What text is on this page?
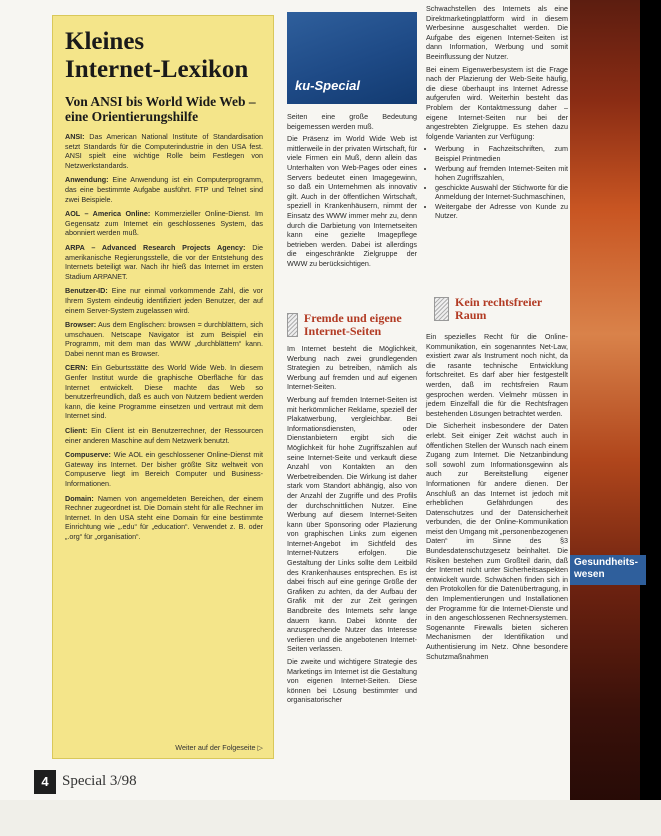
Kleines
Internet-Lexikon
Von ANSI bis World Wide Web – eine Orientierungshilfe

ANSI: Das American National Institute of Standardisation setzt Standards für die Computerindustrie in den USA fest. ANSI spielt eine wichtige Rolle beim Festlegen von Netzwerkstandards.

Anwendung: Eine Anwendung ist ein Computerprogramm, das eine bestimmte Aufgabe ausführt. FTP und Telnet sind zwei Beispiele.

AOL – America Online: Kommerzieller Online-Dienst. Im Gegensatz zum Internet ein geschlossenes System, das abonniert werden muß.

ARPA – Advanced Research Projects Agency: Die amerikanische Regierungsstelle, die vor der Entstehung des Internets beteiligt war. Nach ihr hieß das Internet im ersten Stadium ARPANET.

Benutzer-ID: Eine nur einmal vorkommende Zahl, die vor Ihrem System eindeutig identifiziert jeden Benutzer, der auf einem Server-System zugelassen wird.

Browser: Aus dem Englischen: browsen = durchblättern, sich umschauen. Netscape Navigator ist zum Beispiel ein Programm, mit dem man das WWW „durchblättern“ kann. Dabei nennt man es Browser.

CERN: Ein Geburtsstätte des World Wide Web. In diesem Genfer Institut wurde die graphische Oberfläche für das Internet entwickelt. Diese machte das Web so benutzerfreundlich, daß es auch von Nutzern bedient werden kann, die keine Programme einsetzen und vertraut mit dem Internet sind.

Client: Ein Client ist ein Benutzerrechner, der Ressourcen einer anderen Maschine auf dem Netzwerk benutzt.

Compuserve: Wie AOL ein geschlossener Online-Dienst mit Gateway ins Internet. Der bisher größte Sitz weltweit von Compuserve liegt im Bereich Computer und Business-Informationen.

Domain: Namen von angemeldeten Bereichen, der einem Rechner zugeordnet ist. Die Domain steht für alle Rechner im Internet. In den USA steht eine Domain für eine bestimmte Einrichtung wie „.edu“ für „education“. Verwendet z. B. oder „.org“ für „organisation“.

Weiter auf der Folgeseite ▷
ku-Special

Seiten eine große Bedeutung beigemessen werden muß.

Die Präsenz im World Wide Web ist mittlerweile in der privaten Wirtschaft, für viele Firmen ein Muß, denn allein das Unterhalten von Web-Pages oder eines Servers bedeutet einen Imagegewinn, so daß ein Unternehmen als innovativ gilt. Auch in der öffentlichen Wirtschaft, speziell in Krankenhäusern, nimmt der Einsatz des WWW immer mehr zu, denn durch die Darbietung von Internetseiten kann eine gezielte Imagepflege betrieben werden. Dabei ist allerdings die eingeschränkte Zielgruppe der WWW zu berücksichtigen.

Fremde und eigene Internet-Seiten

Im Internet besteht die Möglichkeit, Werbung nach zwei grundlegenden Strategien zu betreiben, nämlich als Werbung auf fremden und auf eigenen Internet-Seiten.

Werbung auf fremden Internet-Seiten ist mit herkömmlicher Reklame, speziell der Plakatwerbung, vergleichbar. Bei Informationsdiensten, oder Dienstanbietern ergibt sich die Möglichkeit für hohe Zugriffszahlen auf seine Internet-Seite und verkauft diese Anzahl von Kontakten an den Werbetreibenden. Die Wirkung ist daher stark vom Standort abhängig, also von der Anzahl der Zugriffe und des Profils der durchschnittlichen Nutzer. Eine Werbung auf diesem Internet-Seiten kann über Sponsoring oder Plazierung von graphischen Links zum eigenen Internet-Angebot im Sichtfeld des Internet-Nutzers erfolgen. Die Gestaltung der Links sollte dem Leitbild des Krankenhauses entsprechen. Es ist dabei frisch auf eine geringe Größe der Grafiken zu achten, da der Aufbau der Grafik mit der zur Zeit geringen Bandbreite des Internets sehr lange dauern kann. Dabei könnte der anzusprechende Nutzer das Interesse verlieren und die angebotenen Internet-Seiten verlassen.

Die zweite und wichtigere Strategie des Marketings im Internet ist die Gestaltung von eigenen Internet-Seiten. Diese können bei Lösung bestimmter und organisatorischer

Schwachstellen des Internets als eine Direktmarketingplattform wird in diesem Werbesinne ausgeschaltet werden. Die Aufgabe des eigenen Internet-Seiten ist dann Information, Werbung und somit Beeinflussung der Nutzer.

Bei einem Eigenwerbesystem ist die Frage nach der Plazierung der Web-Seite häufig, die diese überhaupt ins Internet Adresse aufgerufen wird. Weiterhin besteht das Problem der Kontaktmessung daher – eigene Internet-Seiten nur bei der angestrebten Zielgruppe. Es stehen dazu folgende Varianten zur Verfügung:

• Werbung in Fachzeitschriften, zum Beispiel Printmedien
• Werbung auf fremden Internet-Seiten mit hohen Zugriffszahlen,
• geschickte Auswahl der Stichworte für die Anmeldung der Internet-Suchmaschinen,
• Weitergabe der Adresse von Kunde zu Nutzer.
Kein rechtsfreier Raum

Ein spezielles Recht für die Online-Kommunikation, ein sogenanntes Net-Law, existiert zwar als Instrument noch nicht, da die rasante technische Entwicklung fortschreitet. Es darf aber hier festgestellt werden, daß im rechtsfreien Raum gesprochen werden. Vielmehr müssen in jedem Einzelfall die für die Rechtsfragen bestehenden Lösungen betrachtet werden.

Die Sicherheit insbesondere der Daten erlebt. Seit einiger Zeit wächst auch in öffentlichen Stellen der Wunsch nach einem Zugang zum Internet. Die Netzanbindung soll sowohl zum Informationsgewinn als auch zur Bereitstellung eigener Informationen für andere dienen. Der Anschluß an das Internet ist jedoch mit erheblichen Gefährdungen des Datenschutzes und der Datensicherheit verbunden, die der Online-Kommunikation meist den Umgang mit „personenbezogenen Daten“ im Sinne des §3 Bundesdatenschutzgesetz beinhaltet. Die Risiken bestehen zum Großteil darin, daß der Internet nicht unter Sicherheitsaspekten entwickelt wurde. Schwächen finden sich in den Protokollen für die Datenübertragung, in den Implementierungen und Installationen der Programme für die Internet-Dienste und in den angeschlossenen Rechnersystemen. Sogenannte Firewalls bieten sicheren Mechanismen der Identifikation und Authentisierung im Netz. Ohne besondere Schutzmaßnahmen

Gesundheits-wesen
4 Special 3/98
